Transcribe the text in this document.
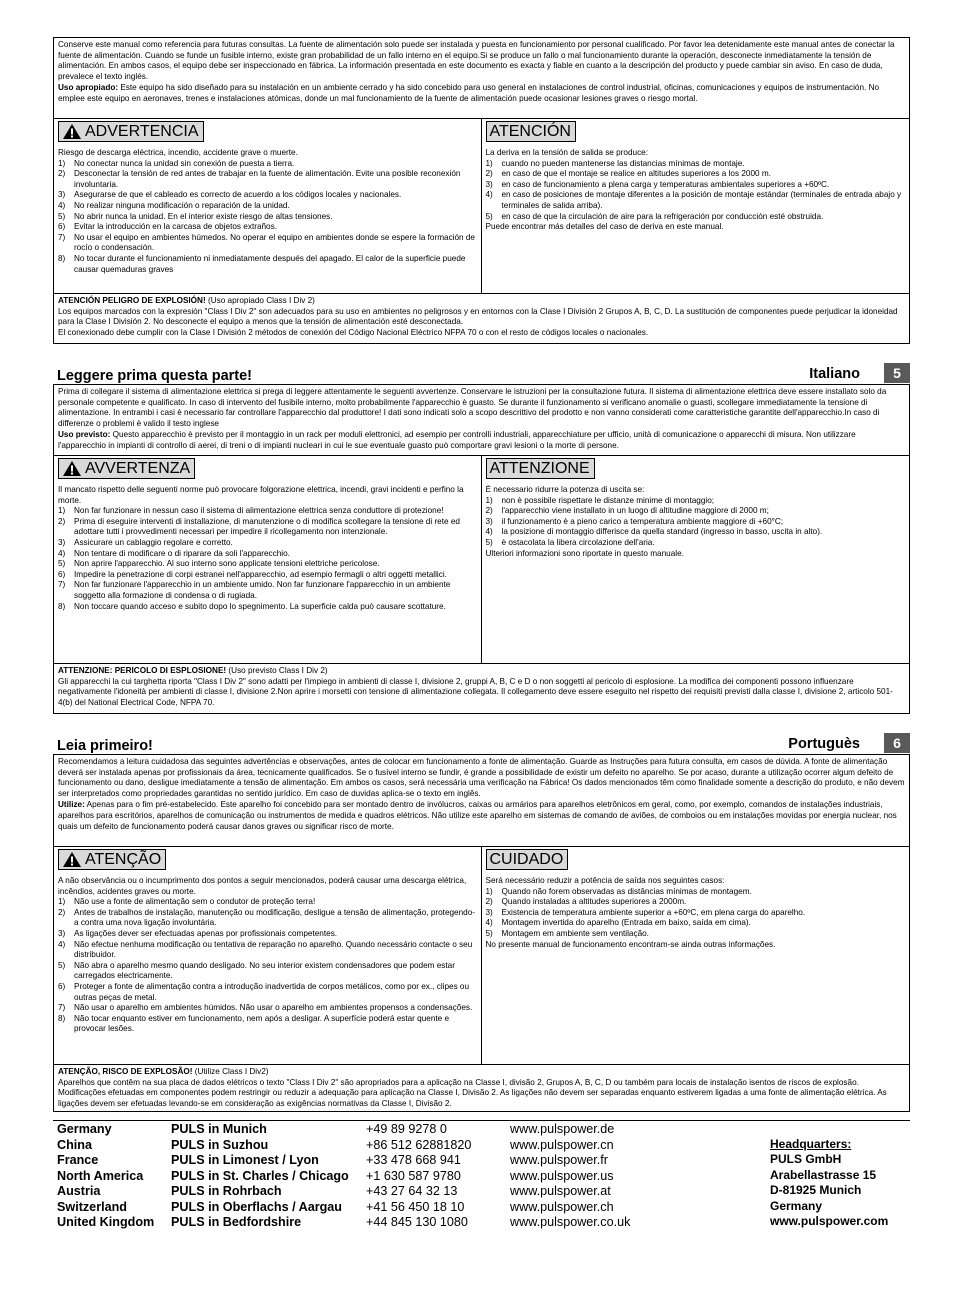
Conserve este manual como referencia para futuras consultas. La fuente de alimentación solo puede ser instalada y puesta en funcionamiento por personal cualificado. Por favor lea detenidamente este manual antes de conectar la fuente de alimentación. Cuando se funde un fusible interno, existe gran probabilidad de un fallo interno en el equipo.Si se produce un fallo o mal funcionamiento durante la operación, desconecte inmediatamente la tensión de alimentación. En ambos casos, el equipo debe ser inspeccionado en fábrica. La información presentada en este documento es exacta y fiable en cuanto a la descripción del producto y puede cambiar sin aviso. En caso de duda, prevalece el texto inglés.

Uso apropiado: Este equipo ha sido diseñado para su instalación en un ambiente cerrado y ha sido concebido para uso general en instalaciones de control industrial, oficinas, comunicaciones y equipos de instrumentación. No emplee este equipo en aeronaves, trenes e instalaciones atómicas, donde un mal funcionamiento de la fuente de alimentación puede ocasionar lesiones graves o riesgo mortal.

ADVERTENCIA
Riesgo de descarga eléctrica, incendio, accidente grave o muerte.
1)	No conectar nunca la unidad sin conexión de puesta a tierra.
2)	Desconectar la tensión de red antes de trabajar en la fuente de alimentación. Evite una posible reconexión involuntaria.
3)	Asegurarse de que el cableado es correcto de acuerdo a los códigos locales y nacionales.
4)	No realizar ninguna modificación o reparación de la unidad.
5)	No abrir nunca la unidad. En el interior existe riesgo de altas tensiones.
6)	Evitar la introducción en la carcasa de objetos extraños.
7)	No usar el equipo en ambientes húmedos. No operar el equipo en ambientes donde se espere la formación de rocío o condensación.
8)	No tocar durante el funcionamiento ni inmediatamente después del apagado. El calor de la superficie puede causar quemaduras graves
ATENCIÓN
La deriva en la tensión de salida se produce:
1)	cuando no pueden mantenerse las distancias mínimas de montaje.
2)	en caso de que el montaje se realice en altitudes superiores a los 2000 m.
3)	en caso de funcionamiento a plena carga y temperaturas ambientales superiores a +60ºC.
4)	en caso de posiciones de montaje diferentes a la posición de montaje estándar (terminales de entrada abajo y terminales de salida arriba).
5)	en caso de que la circulación de aire para la refrigeración por conducción esté obstruida.
Puede encontrar más detalles del caso de deriva en este manual.
ATENCIÓN PELIGRO DE EXPLOSIÓN! (Uso apropiado Class I Div 2)
Los equipos marcados con la expresión "Class I Div 2" son adecuados para su uso en ambientes no peligrosos y en entornos con la Clase I División 2 Grupos A, B, C, D. La sustitución de componentes puede perjudicar la idoneidad para la Clase I División 2. No desconecte el equipo a menos que la tensión de alimentación esté desconectada.
El conexionado debe cumplir con la Clase I División 2 métodos de conexión del Código Nacional Eléctrico NFPA 70 o con el resto de códigos locales o nacionales.
Leggere prima questa parte!	Italiano	5

Prima di collegare il sistema di alimentazione elettrica si prega di leggere attentamente le seguenti avvertenze. Conservare le istruzioni per la consultazione futura. Il sistema di alimentazione elettrica deve essere installato solo da personale competente e qualificato. In caso di intervento del fusibile interno, molto probabilmente l'apparecchio è guasto. Se durante il funzionamento si verificano anomalie o guasti, scollegare immediatamente la tensione di alimentazione. In entrambi i casi è necessario far controllare l'apparecchio dal produttore! I dati sono indicati solo a scopo descrittivo del prodotto e non vanno considerati come caratteristiche garantite dell'apparecchio.In caso di differenze o problemi è valido il testo inglese

Uso previsto: Questo apparecchio è previsto per il montaggio in un rack per moduli elettronici, ad esempio per controlli industriali, apparecchiature per ufficio, unità di comunicazione o apparecchi di misura. Non utilizzare l'apparecchio in impianti di controllo di aerei, di treni o di impianti nucleari in cui le sue eventuale guasto può comportare gravi lesioni o la morte di persone.

AVVERTENZA
Il mancato rispetto delle seguenti norme può provocare folgorazione elettrica, incendi, gravi incidenti e perfino la morte.
1)	Non far funzionare in nessun caso il sistema di alimentazione elettrica senza conduttore di protezione!
2)	Prima di eseguire interventi di installazione, di manutenzione o di modifica scollegare la tensione di rete ed adottare tutti i provvedimenti necessari per impedire il ricollegamento non intenzionale.
3)	Assicurare un cablaggio regolare e corretto.
4)	Non tentare di modificare o di riparare da soli l'apparecchio.
5)	Non aprire l'apparecchio. Al suo interno sono applicate tensioni elettriche pericolose.
6)	Impedire la penetrazione di corpi estranei nell'apparecchio, ad esempio fermagli o altri oggetti metallici.
7)	Non far funzionare l'apparecchio in un ambiente umido. Non far funzionare l'apparecchio in un ambiente soggetto alla formazione di condensa o di rugiada.
8)	Non toccare quando acceso e subito dopo lo spegnimento. La superficie calda può causare scottature.
ATTENZIONE
È necessario ridurre la potenza di uscita se:
1)	non è possibile rispettare le distanze minime di montaggio;
2)	l'apparecchio viene installato in un luogo di altitudine maggiore di 2000 m;
3)	il funzionamento è a pieno carico a temperatura ambiente maggiore di +60°C;
4)	la posizione di montaggio differisce da quella standard (ingresso in basso, uscita in alto).
5)	è ostacolata la libera circolazione dell'aria.
Ulteriori informazioni sono riportate in questo manuale.
ATTENZIONE: PERICOLO DI ESPLOSIONE! (Uso previsto Class I Div 2)
Gli apparecchi la cui targhetta riporta "Class I Div 2" sono adatti per l'impiego in ambienti di classe I, divisione 2, gruppi A, B, C e D o non soggetti al pericolo di esplosione. La modifica dei componenti possono influenzare negativamente l'idoneità per ambienti di classe I, divisione 2.Non aprire i morsetti con tensione di alimentazione collegata. Il collegamento deve essere eseguito nel rispetto dei requisiti previsti dalla classe I, divisione 2, articolo 501-4(b) del National Electrical Code, NFPA 70.
Leia primeiro!	Portuguès	6

Recomendamos a leitura cuidadosa das seguintes advertências e observações, antes de colocar em funcionamento a fonte de alimentação. Guarde as Instruções para futura consulta, em casos de dúvida. A fonte de alimentação deverá ser instalada apenas por profissionais da área, tecnicamente qualificados. Se o fusível interno se fundir, é grande a possibilidade de existir um defeito no aparelho. Se por acaso, durante a utilização ocorrer algum defeito de funcionamento ou dano, desligue imediatamente a tensão de alimentação. Em ambos os casos, será necessária uma verificação na Fábrica! Os dados mencionados têm como finalidade somente a descrição do produto, e não devem ser interpretados como propriedades garantidas no sentido jurídico. Em caso de duvidas aplica-se o texto em inglês.

Utilize: Apenas para o fim pré-estabelecido. Este aparelho foi concebido para ser montado dentro de invólucros, caixas ou armários para aparelhos eletrônicos em geral, como, por exemplo, comandos de instalações industriais, aparelhos para escritórios, aparelhos de comunicação ou instrumentos de medida e quadros elétricos. Não utilize este aparelho em sistemas de comando de aviões, de comboios ou em instalações movidas por energia nuclear, nos quais um defeito de funcionamento poderá causar danos graves ou significar risco de morte.

ATENÇÃO
A não observância ou o incumprimento dos pontos a seguir mencionados, poderá causar uma descarga elétrica, incêndios, acidentes graves ou morte.
1)	Não use a fonte de alimentação sem o condutor de proteção terra!
2)	Antes de trabalhos de instalação, manutenção ou modificação, desligue a tensão de alimentação, protegendo-a contra uma nova ligação involuntária.
3)	As ligações dever ser efectuadas apenas por profissionais competentes.
4)	Não efectue nenhuma modificação ou tentativa de reparação no aparelho. Quando necessário contacte o seu distribuidor.
5)	Não abra o aparelho mesmo quando desligado. No seu interior existem condensadores que podem estar carregados electricamente.
6)	Proteger a fonte de alimentação contra a introdução inadvertida de corpos metálicos, como por ex., clipes ou outras peças de metal.
7)	Não usar o aparelho em ambientes húmidos. Não usar o aparelho em ambientes propensos a condensações.
8)	Não tocar enquanto estiver em funcionamento, nem após a desligar. A superfície poderá estar quente e provocar lesões.
CUIDADO
Será necessário reduzir a potência de saída nos seguintes casos:
1)	Quando não forem observadas as distâncias mínimas de montagem.
2)	Quando instaladas a altitudes superiores a 2000m.
3)	Existencia de temperatura ambiente superior a +60ºC, em plena carga do aparelho.
4)	Montagem invertida do aparelho (Entrada em baixo, saída em cima).
5)	Montagem em ambiente sem ventilação.
No presente manual de funcionamento encontram-se ainda outras informações.
ATENÇÃO, RISCO DE EXPLOSÃO! (Utilize Class I Div2)
Aparelhos que contêm na sua placa de dados elétricos o texto "Class I Div 2" são apropriados para a aplicação na Classe I, divisão 2, Grupos A, B, C, D ou também para locais de instalação isentos de riscos de explosão. Modificações efetuadas em componentes podem restringir ou reduzir a adequação para aplicação na Classe I, Divisão 2. As ligações não devem ser separadas enquanto estiverem ligadas a uma fonte de alimentação elétrica. As ligações devem ser efetuadas levando-se em consideração as exigências normativas da Classe I, Divisão 2.
Germany	PULS in Munich	+49 89 9278 0	www.pulspower.de
China	PULS in Suzhou	+86 512 62881820	www.pulspower.cn
France	PULS in Limonest / Lyon	+33 478 668 941	www.pulspower.fr
North America	PULS in St. Charles / Chicago	+1 630 587 9780	www.pulspower.us
Austria	PULS in Rohrbach	+43 27 64 32 13	www.pulspower.at
Switzerland	PULS in Oberflachs / Aargau	+41 56 450 18 10	www.pulspower.ch
United Kingdom	PULS in Bedfordshire	+44 845 130 1080	www.pulspower.co.uk
Headquarters:
PULS GmbH
Arabellastrasse 15
D-81925 Munich
Germany
www.pulspower.com
